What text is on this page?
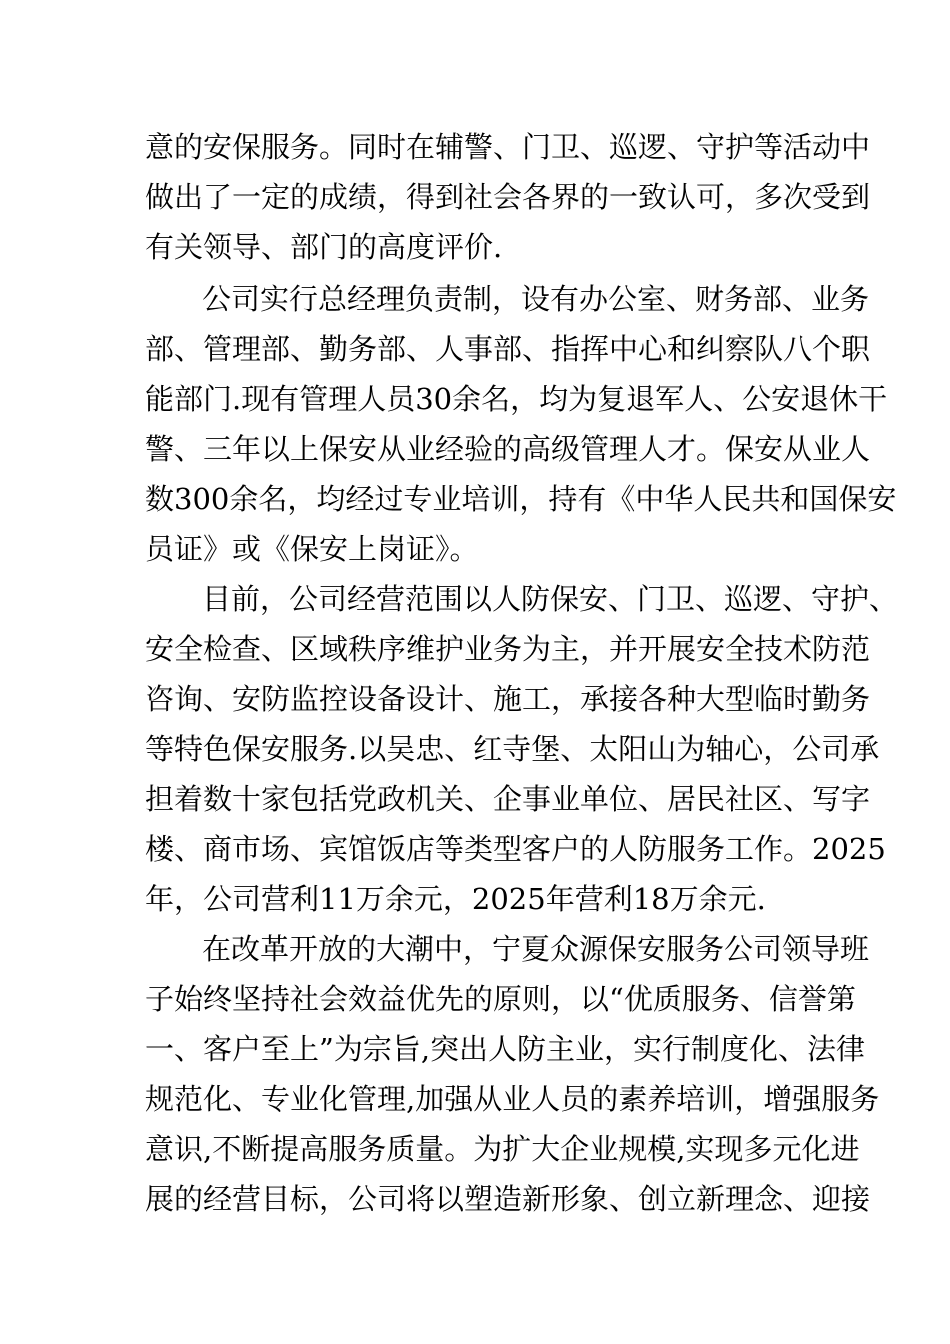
意的安保服务。同时在辅警、门卫、巡逻、守护等活动中
做出了一定的成绩，得到社会各界的一致认可，多次受到
有关领导、部门的高度评价.
公司实行总经理负责制，设有办公室、财务部、业务
部、管理部、勤务部、人事部、指挥中心和纠察队八个职
能部门.现有管理人员30余名，均为复退军人、公安退休干
警、三年以上保安从业经验的高级管理人才。保安从业人
数300余名，均经过专业培训，持有《中华人民共和国保安
员证》或《保安上岗证》。
目前，公司经营范围以人防保安、门卫、巡逻、守护、
安全检查、区域秩序维护业务为主，并开展安全技术防范
咨询、安防监控设备设计、施工，承接各种大型临时勤务
等特色保安服务.以吴忠、红寺堡、太阳山为轴心，公司承
担着数十家包括党政机关、企事业单位、居民社区、写字
楼、商市场、宾馆饭店等类型客户的人防服务工作。2025
年，公司营利11万余元，2025年营利18万余元.
在改革开放的大潮中，宁夏众源保安服务公司领导班
子始终坚持社会效益优先的原则，以“优质服务、信誉第
一、客户至上”为宗旨,突出人防主业，实行制度化、法律
规范化、专业化管理,加强从业人员的素养培训，增强服务
意识,不断提高服务质量。为扩大企业规模,实现多元化进
展的经营目标，公司将以塑造新形象、创立新理念、迎接
